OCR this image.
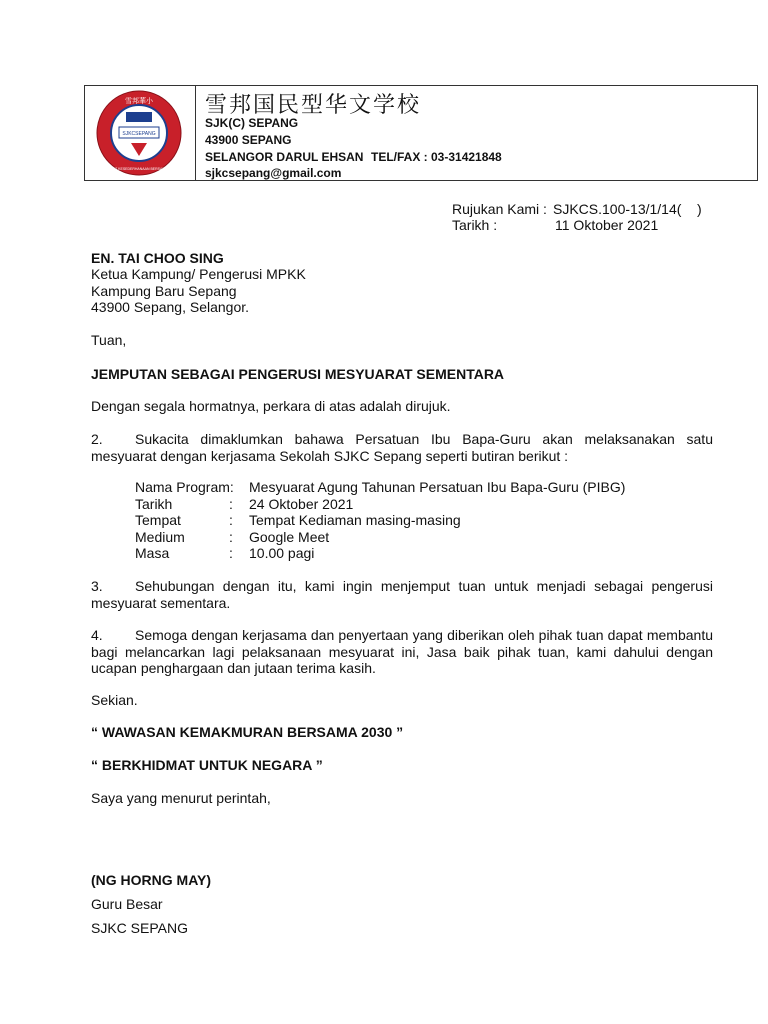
SJKCSEPANG
雪邦華小
BERHEMAT KESEDERHANAAN BERSAMA TANAH
雪邦国民型华文学校
SJK(C) SEPANG
43900 SEPANG
SELANGOR DARUL EHSAN TEL/FAX : 03-31421848
sjkcsepang@gmail.com
Rujukan Kami : SJKCS.100-13/1/14(    )
Tarikh :	11 Oktober 2021
EN. TAI CHOO SING
Ketua Kampung/ Pengerusi MPKK
Kampung Baru Sepang
43900 Sepang, Selangor.
Tuan,
JEMPUTAN SEBAGAI PENGERUSI MESYUARAT SEMENTARA
Dengan segala hormatnya, perkara di atas adalah dirujuk.
2. Sukacita dimaklumkan bahawa Persatuan Ibu Bapa-Guru akan melaksanakan satu mesyuarat dengan kerjasama Sekolah SJKC Sepang seperti butiran berikut :
Nama Program: Mesyuarat Agung Tahunan Persatuan Ibu Bapa-Guru (PIBG)
Tarikh	: 24 Oktober 2021
Tempat	: Tempat Kediaman masing-masing
Medium	: Google Meet
Masa	: 10.00 pagi
3. Sehubungan dengan itu, kami ingin menjemput tuan untuk menjadi sebagai pengerusi mesyuarat sementara.
4. Semoga dengan kerjasama dan penyertaan yang diberikan oleh pihak tuan dapat membantu bagi melancarkan lagi pelaksanaan mesyuarat ini, Jasa baik pihak tuan, kami dahului dengan ucapan penghargaan dan jutaan terima kasih.
Sekian.
“ WAWASAN KEMAKMURAN BERSAMA 2030 ”
“ BERKHIDMAT UNTUK NEGARA ”
Saya yang menurut perintah,
(NG HORNG MAY)
Guru Besar
SJKC SEPANG
